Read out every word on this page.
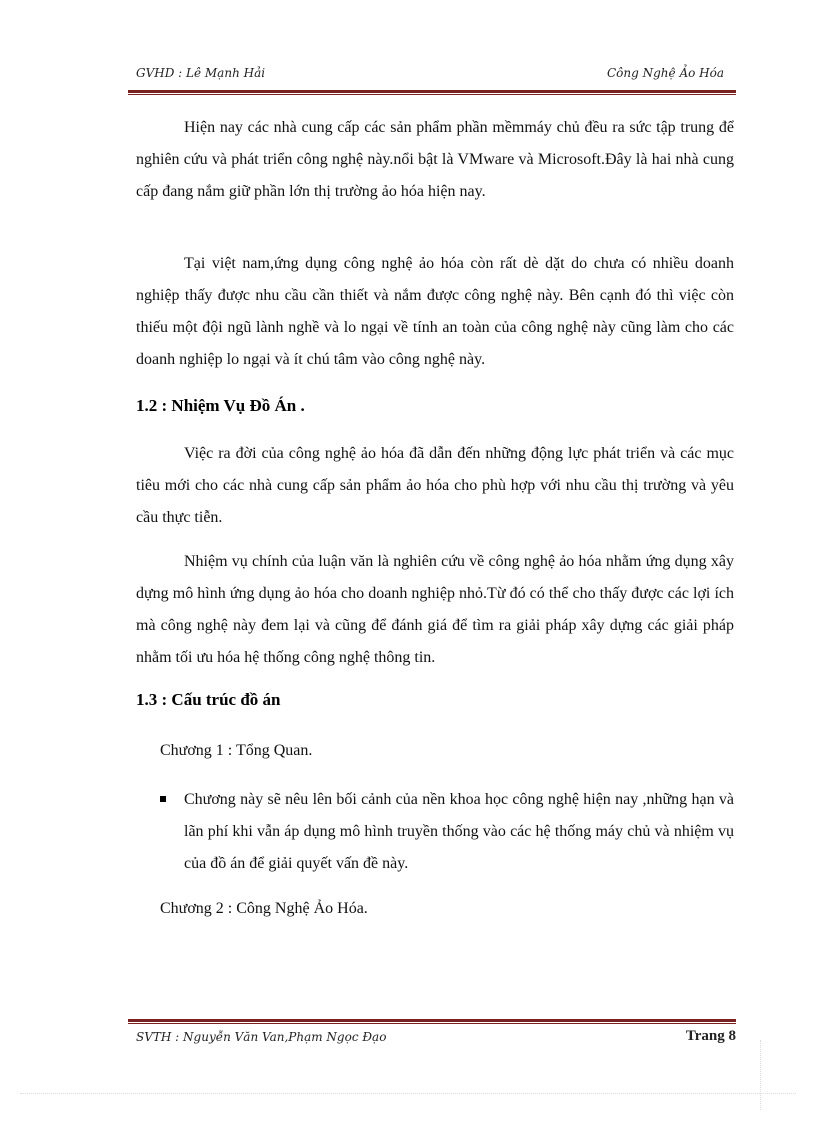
GVHD : Lê Mạnh Hải	Công Nghệ Ảo Hóa

Hiện nay các nhà cung cấp các sản phẩm phần mềmmáy chủ đều ra sức tập trung để nghiên cứu và phát triển công nghệ này.nổi bật là VMware và Microsoft.Đây là hai nhà cung cấp đang nắm giữ phần lớn thị trường ảo hóa hiện nay.

Tại việt nam,ứng dụng công nghệ ảo hóa còn rất dè dặt do chưa có nhiều doanh nghiệp thấy được nhu cầu cần thiết và nắm được công nghệ này. Bên cạnh đó thì việc còn thiếu một đội ngũ lành nghề và lo ngại về tính an toàn của công nghệ này cũng làm cho các doanh nghiệp lo ngại và ít chú tâm vào công nghệ này.

1.2 : Nhiệm Vụ Đồ Án .

Việc ra đời của công nghệ ảo hóa đã dẫn đến những động lực phát triển và các mục tiêu mới cho các nhà cung cấp sản phẩm ảo hóa cho phù hợp với nhu cầu thị trường và yêu cầu thực tiễn.

Nhiệm vụ chính của luận văn là nghiên cứu về công nghệ ảo hóa nhằm ứng dụng xây dựng mô hình ứng dụng ảo hóa cho doanh nghiệp nhỏ.Từ đó có thể cho thấy được các lợi ích mà công nghệ này đem lại và cũng để đánh giá để tìm ra giải pháp xây dựng các giải pháp nhằm tối ưu hóa hệ thống công nghệ thông tin.

1.3 : Cấu trúc đồ án

Chương 1 : Tổng Quan.

Chương này sẽ nêu lên bối cảnh của nền khoa học công nghệ hiện nay ,những hạn và lãn phí khi vẫn áp dụng mô hình truyền thống vào các hệ thống máy chủ và nhiệm vụ của đồ án để giải quyết vấn đề này.

Chương 2 : Công Nghệ Ảo Hóa.

SVTH : Nguyễn Văn Van,Phạm Ngọc Đạo	Trang 8
